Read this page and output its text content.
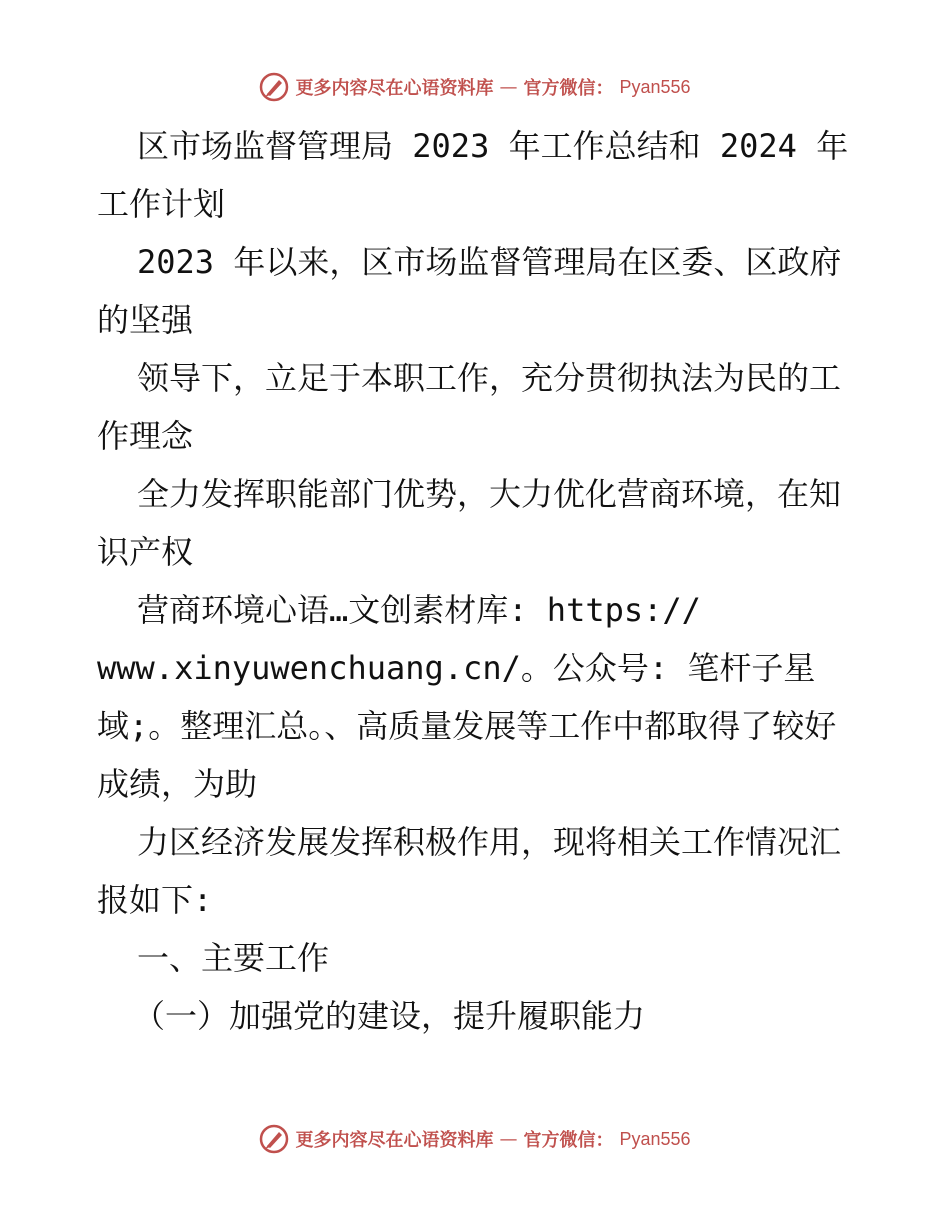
更多内容尽在心语资料库 — 官方微信： Pyan556

区市场监督管理局 2023 年工作总结和 2024 年工作计划

2023 年以来，区市场监督管理局在区委、区政府的坚强

领导下，立足于本职工作，充分贯彻执法为民的工作理念

全力发挥职能部门优势，大力优化营商环境，在知识产权

营商环境心语…文创素材库: https://
www.xinyuwenchuang.cn/。公众号: 笔杆子星
域;。整理汇总。、高质量发展等工作中都取得了较好成绩，为助

力区经济发展发挥积极作用，现将相关工作情况汇报如下:

一、主要工作

（一）加强党的建设，提升履职能力

更多内容尽在心语资料库 — 官方微信： Pyan556
